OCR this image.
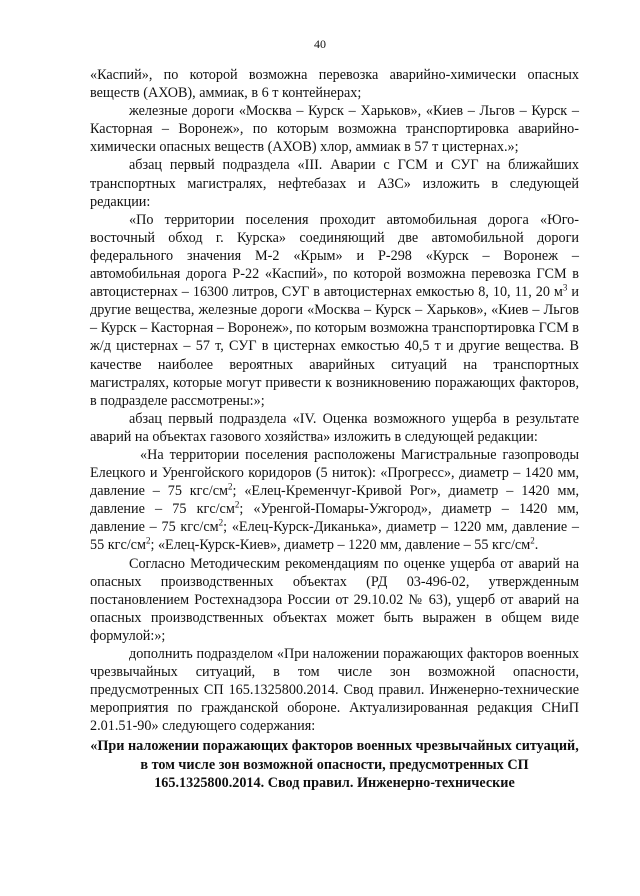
40

«Каспий», по которой возможна перевозка аварийно-химически опасных веществ (АХОВ), аммиак, в 6 т контейнерах;

железные дороги «Москва – Курск – Харьков», «Киев – Льгов – Курск – Касторная – Воронеж», по которым возможна транспортировка аварийно-химически опасных веществ (АХОВ) хлор, аммиак в 57 т цистернах.»;

абзац первый подраздела «III. Аварии с ГСМ и СУГ на ближайших транспортных магистралях, нефтебазах и АЗС» изложить в следующей редакции:

«По территории поселения проходит автомобильная дорога «Юго-восточный обход г. Курска» соединяющий две автомобильной дороги федерального значения М-2 «Крым» и Р-298 «Курск – Воронеж – автомобильная дорога Р-22 «Каспий», по которой возможна перевозка ГСМ в автоцистернах – 16300 литров, СУГ в автоцистернах емкостью 8, 10, 11, 20 $м^3$ и другие вещества, железные дороги «Москва – Курск – Харьков», «Киев – Льгов – Курск – Касторная – Воронеж», по которым возможна транспортировка ГСМ в ж/д цистернах – 57 т, СУГ в цистернах емкостью 40,5 т и другие вещества. В качестве наиболее вероятных аварийных ситуаций на транспортных магистралях, которые могут привести к возникновению поражающих факторов, в подразделе рассмотрены:»;

абзац первый подраздела «IV. Оценка возможного ущерба в результате аварий на объектах газового хозяйства» изложить в следующей редакции:

«На территории поселения расположены Магистральные газопроводы Елецкого и Уренгойского коридоров (5 ниток): «Прогресс», диаметр – 1420 мм, давление – 75 кгс/$см^2$; «Елец-Кременчуг-Кривой Рог», диаметр – 1420 мм, давление – 75 кгс/$см^2$; «Уренгой-Помары-Ужгород», диаметр – 1420 мм, давление – 75 кгс/$см^2$; «Елец-Курск-Диканька», диаметр – 1220 мм, давление – 55 кгс/$см^2$; «Елец-Курск-Киев», диаметр – 1220 мм, давление – 55 кгс/$см^2$.

Согласно Методическим рекомендациям по оценке ущерба от аварий на опасных производственных объектах (РД 03-496-02, утвержденным постановлением Ростехнадзора России от 29.10.02 № 63), ущерб от аварий на опасных производственных объектах может быть выражен в общем виде формулой:»;

дополнить подразделом «При наложении поражающих факторов военных чрезвычайных ситуаций, в том числе зон возможной опасности, предусмотренных СП 165.1325800.2014. Свод правил. Инженерно-технические мероприятия по гражданской обороне. Актуализированная редакция СНиП 2.01.51-90» следующего содержания:

«При наложении поражающих факторов военных чрезвычайных ситуаций, в том числе зон возможной опасности, предусмотренных СП 165.1325800.2014. Свод правил. Инженерно-технические
